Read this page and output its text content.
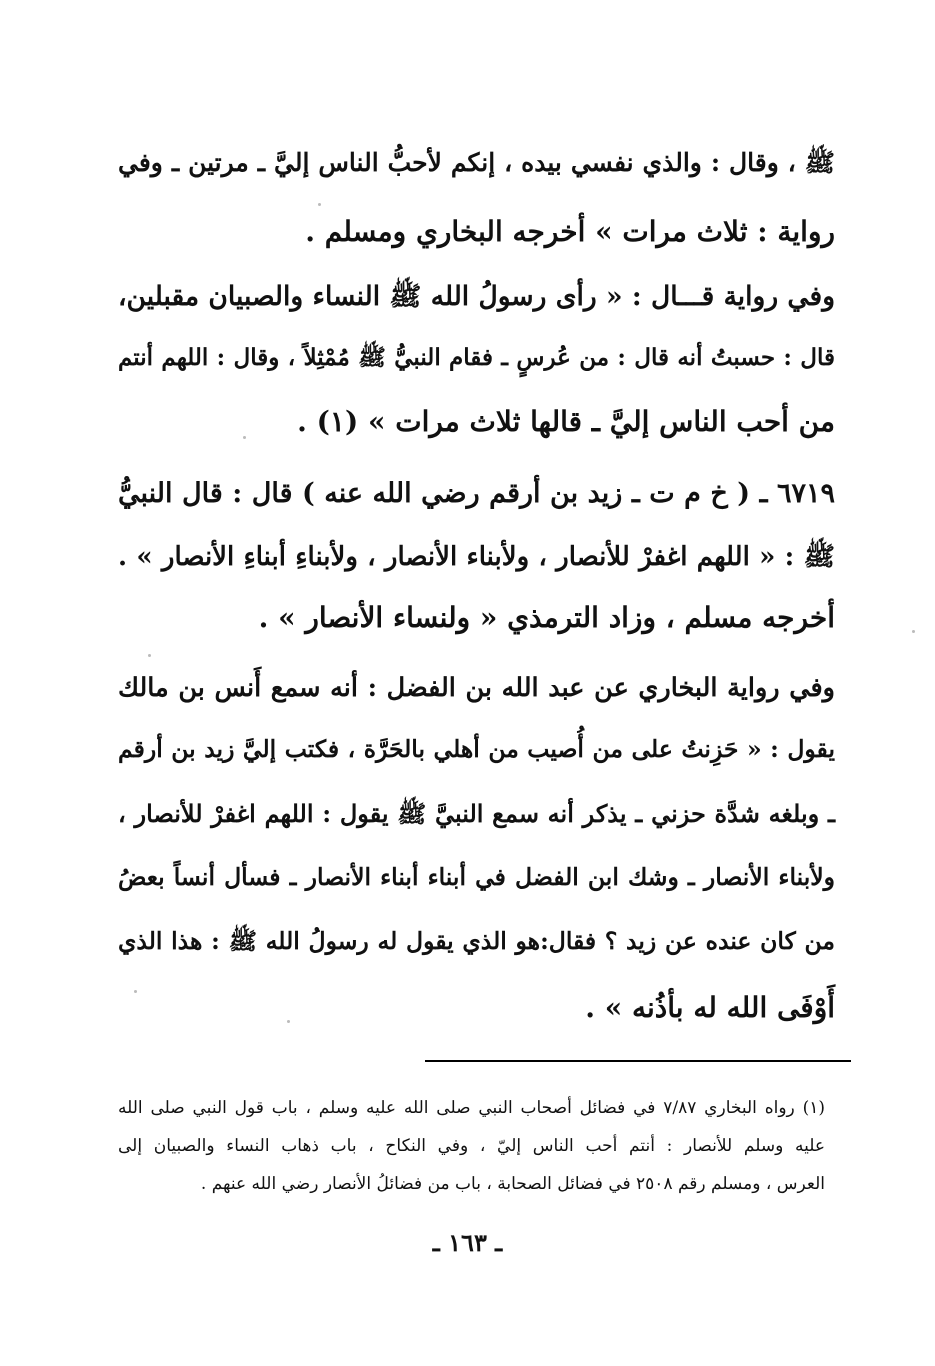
ﷺ ، وقال : والذي نفسي بيده ، إنكم لأحبُّ الناس إليَّ ـ مرتين ـ وفي
رواية : ثلاث مرات » أخرجه البخاري ومسلم .
وفي رواية قـــال : « رأى رسولُ الله ﷺ النساء والصبيان مقبلين،
قال : حسبتُ أنه قال : من عُرسٍ ـ فقام النبيُّ ﷺ مُمْثِلاً ، وقال : اللهم أنتم
من أحب الناس إليَّ ـ قالها ثلاث مرات » (١) .
٦٧١٩ ـ ( خ م ت ـ زيد بن أرقم رضي الله عنه ) قال : قال النبيُّ
ﷺ : « اللهم اغفرْ للأنصار ، ولأبناء الأنصار ، ولأبناءِ أبناءِ الأنصار » .
أخرجه مسلم ، وزاد الترمذي « ولنساء الأنصار » .
وفي رواية البخاري عن عبد الله بن الفضل : أنه سمع أَنس بن مالك
يقول : « حَزِنتُ على من أُصيب من أهلي بالحَرَّة ، فكتب إليَّ زيد بن أرقم
ـ وبلغه شدَّة حزني ـ يذكر أنه سمع النبيَّ ﷺ يقول : اللهم اغفرْ للأنصار ،
ولأبناء الأنصار ـ وشك ابن الفضل في أبناء أبناء الأنصار ـ فسأل أنساً بعضُ
من كان عنده عن زيد ؟ فقال:هو الذي يقول له رسولُ الله ﷺ : هذا الذي
أَوْفَى الله له بأذُنه » .
(١) رواه البخاري ٧/٨٧ في فضائل أصحاب النبي صلى الله عليه وسلم ، باب قول النبي صلى الله
عليه وسلم للأنصار : أنتم أحب الناس إليّ ، وفي النكاح ، باب ذهاب النساء والصبيان إلى
العرس ، ومسلم رقم ٢٥٠٨ في فضائل الصحابة ، باب من فضائلُ الأنصار رضي الله عنهم .
ـ ١٦٣ ـ
